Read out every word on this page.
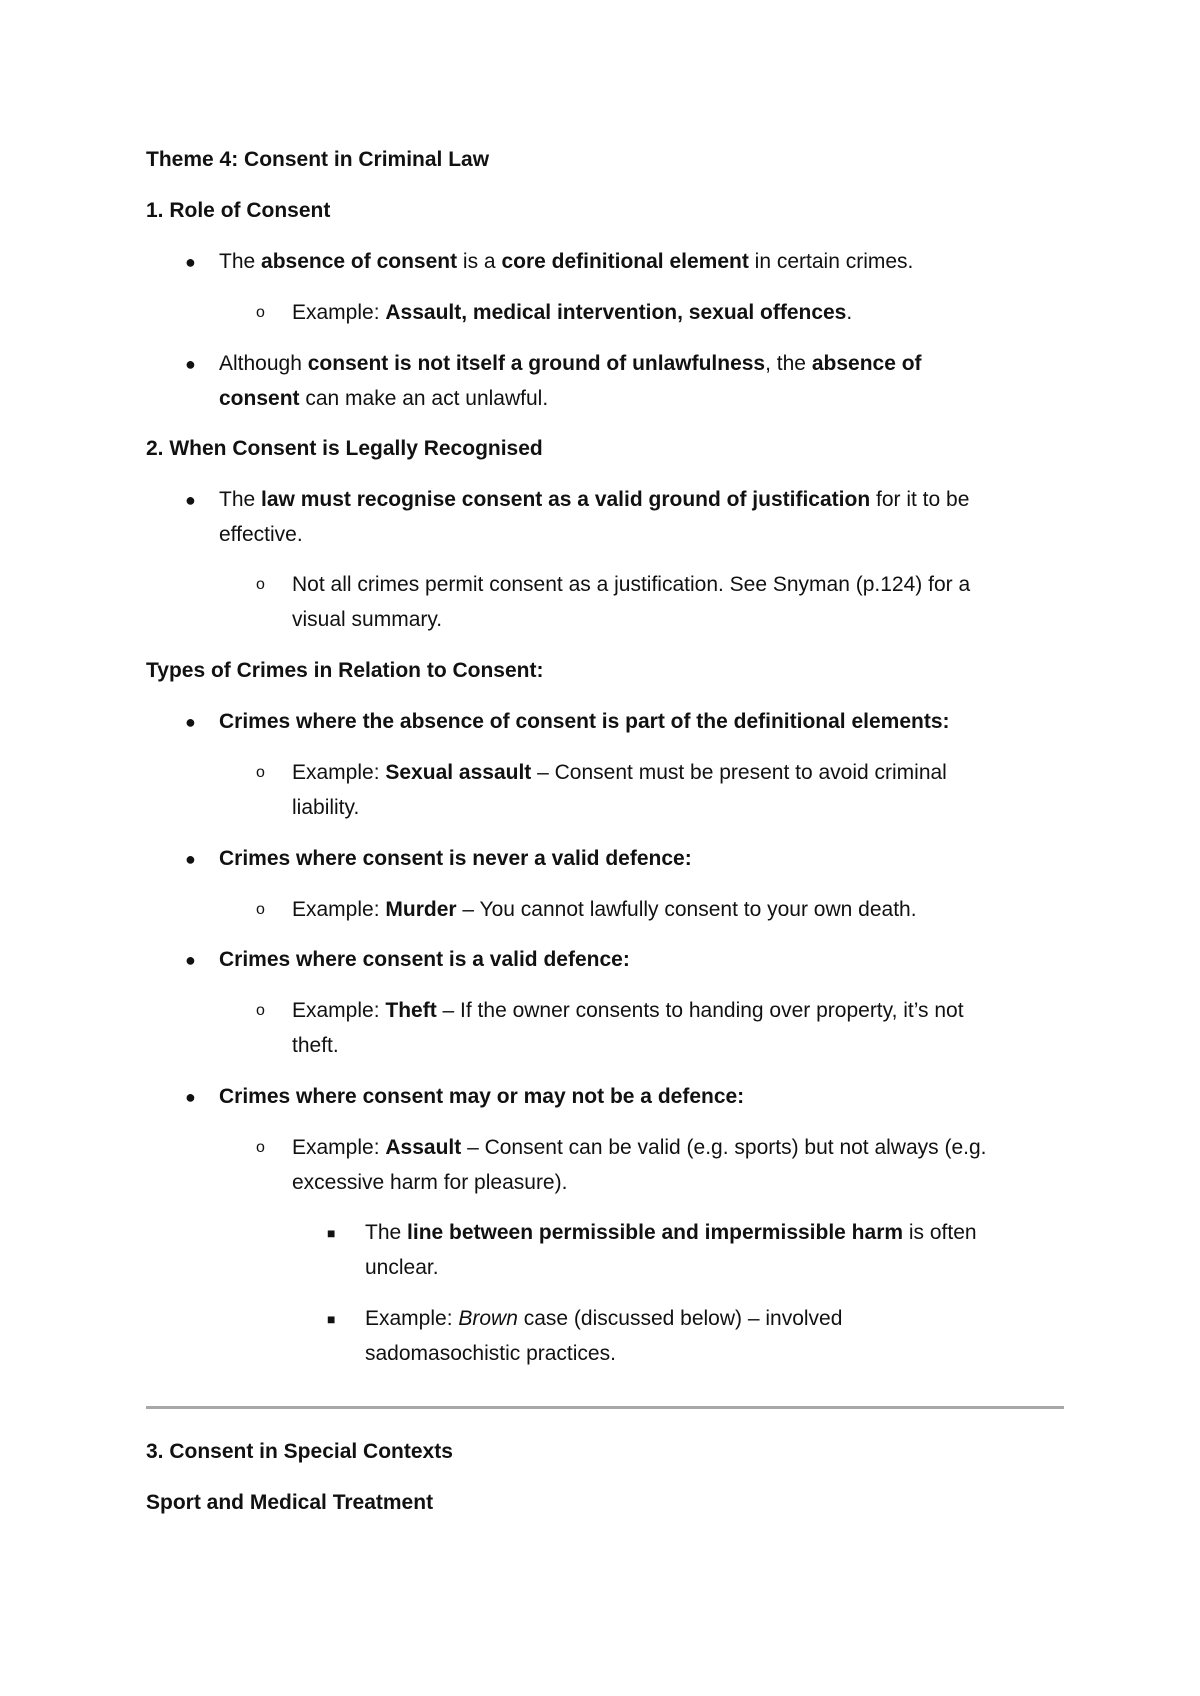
Theme 4: Consent in Criminal Law
1. Role of Consent
● The absence of consent is a core definitional element in certain crimes.
o Example: Assault, medical intervention, sexual offences.
● Although consent is not itself a ground of unlawfulness, the absence of
consent can make an act unlawful.
2. When Consent is Legally Recognised
● The law must recognise consent as a valid ground of justification for it to be
effective.
o Not all crimes permit consent as a justification. See Snyman (p.124) for a
visual summary.
Types of Crimes in Relation to Consent:
● Crimes where the absence of consent is part of the definitional elements:
o Example: Sexual assault – Consent must be present to avoid criminal
liability.
● Crimes where consent is never a valid defence:
o Example: Murder – You cannot lawfully consent to your own death.
● Crimes where consent is a valid defence:
o Example: Theft – If the owner consents to handing over property, it’s not
theft.
● Crimes where consent may or may not be a defence:
o Example: Assault – Consent can be valid (e.g. sports) but not always (e.g.
excessive harm for pleasure).
■ The line between permissible and impermissible harm is often
unclear.
■ Example: Brown case (discussed below) – involved
sadomasochistic practices.
3. Consent in Special Contexts
Sport and Medical Treatment
